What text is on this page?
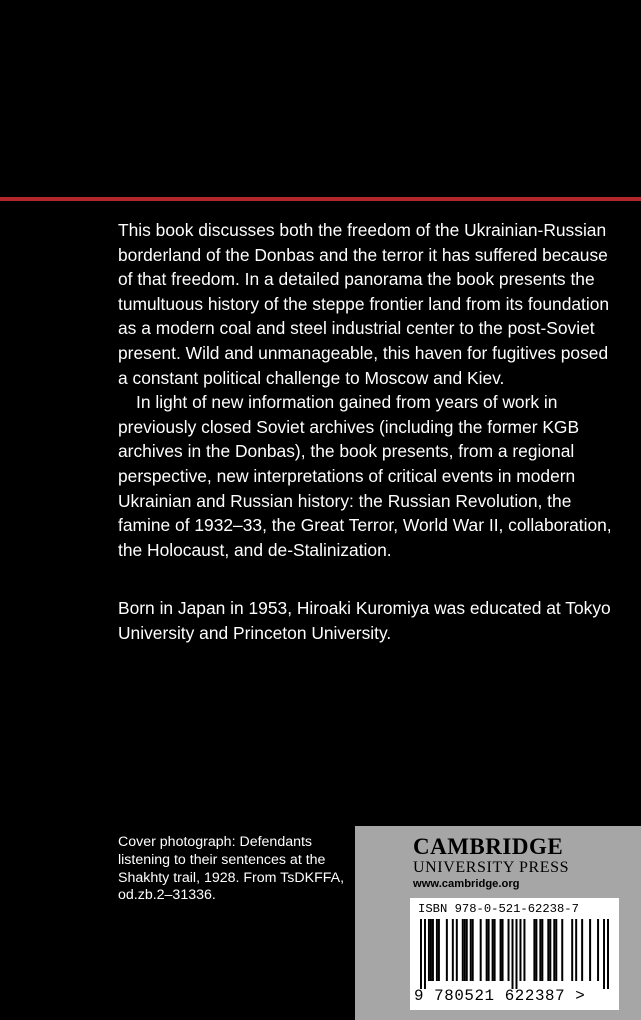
This book discusses both the freedom of the Ukrainian-Russian borderland of the Donbas and the terror it has suffered because of that freedom. In a detailed panorama the book presents the tumultuous history of the steppe frontier land from its foundation as a modern coal and steel industrial center to the post-Soviet present. Wild and unmanageable, this haven for fugitives posed a constant political challenge to Moscow and Kiev.

In light of new information gained from years of work in previously closed Soviet archives (including the former KGB archives in the Donbas), the book presents, from a regional perspective, new interpretations of critical events in modern Ukrainian and Russian history: the Russian Revolution, the famine of 1932–33, the Great Terror, World War II, collaboration, the Holocaust, and de-Stalinization.

Born in Japan in 1953, Hiroaki Kuromiya was educated at Tokyo University and Princeton University.

Cover photograph: Defendants listening to their sentences at the Shakhty trail, 1928. From TsDKFFA, od.zb.2–31336.

CAMBRIDGE

UNIVERSITY PRESS

www.cambridge.org

ISBN 978-0-521-62238-7

9 780521 622387 >
